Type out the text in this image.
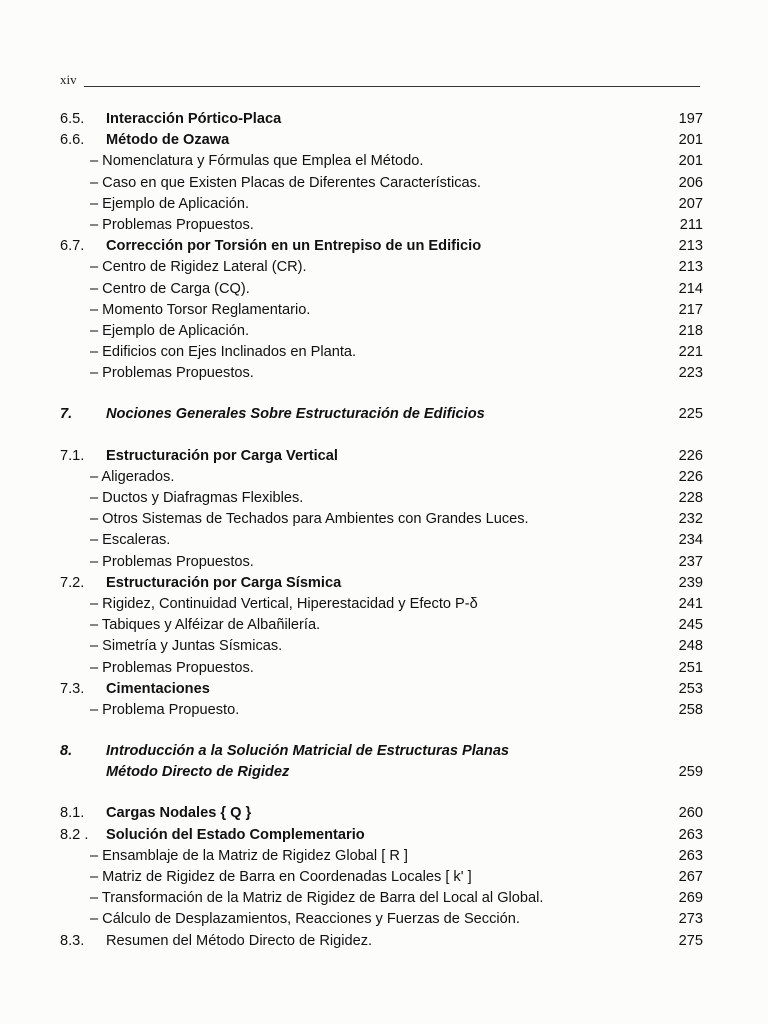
xiv
6.5. Interacción Pórtico-Placa	197
6.6. Método de Ozawa	201
– Nomenclatura y Fórmulas que Emplea el Método.	201
– Caso en que Existen Placas de Diferentes Características.	206
– Ejemplo de Aplicación.	207
– Problemas Propuestos.	211
6.7. Corrección por Torsión en un Entrepiso de un Edificio	213
– Centro de Rigidez Lateral (CR).	213
– Centro de Carga (CQ).	214
– Momento Torsor Reglamentario.	217
– Ejemplo de Aplicación.	218
– Edificios con Ejes Inclinados en Planta.	221
– Problemas Propuestos.	223
7. Nociones Generales Sobre Estructuración de Edificios	225
7.1. Estructuración por Carga Vertical	226
– Aligerados.	226
– Ductos y Diafragmas Flexibles.	228
– Otros Sistemas de Techados para Ambientes con Grandes Luces.	232
– Escaleras.	234
– Problemas Propuestos.	237
7.2. Estructuración por Carga Sísmica	239
– Rigidez, Continuidad Vertical, Hiperestacidad y Efecto P-δ	241
– Tabiques y Alféizar de Albañilería.	245
– Simetría y Juntas Sísmicas.	248
– Problemas Propuestos.	251
7.3. Cimentaciones	253
– Problema Propuesto.	258
8. Introducción a la Solución Matricial de Estructuras Planas
Método Directo de Rigidez	259
8.1. Cargas Nodales { Q }	260
8.2 . Solución del Estado Complementario	263
– Ensamblaje de la Matriz de Rigidez Global [ R ]	263
– Matriz de Rigidez de Barra en Coordenadas Locales [ k' ]	267
– Transformación de la Matriz de Rigidez de Barra del Local al Global.	269
– Cálculo de Desplazamientos, Reacciones y Fuerzas de Sección.	273
8.3. Resumen del Método Directo de Rigidez.	275
